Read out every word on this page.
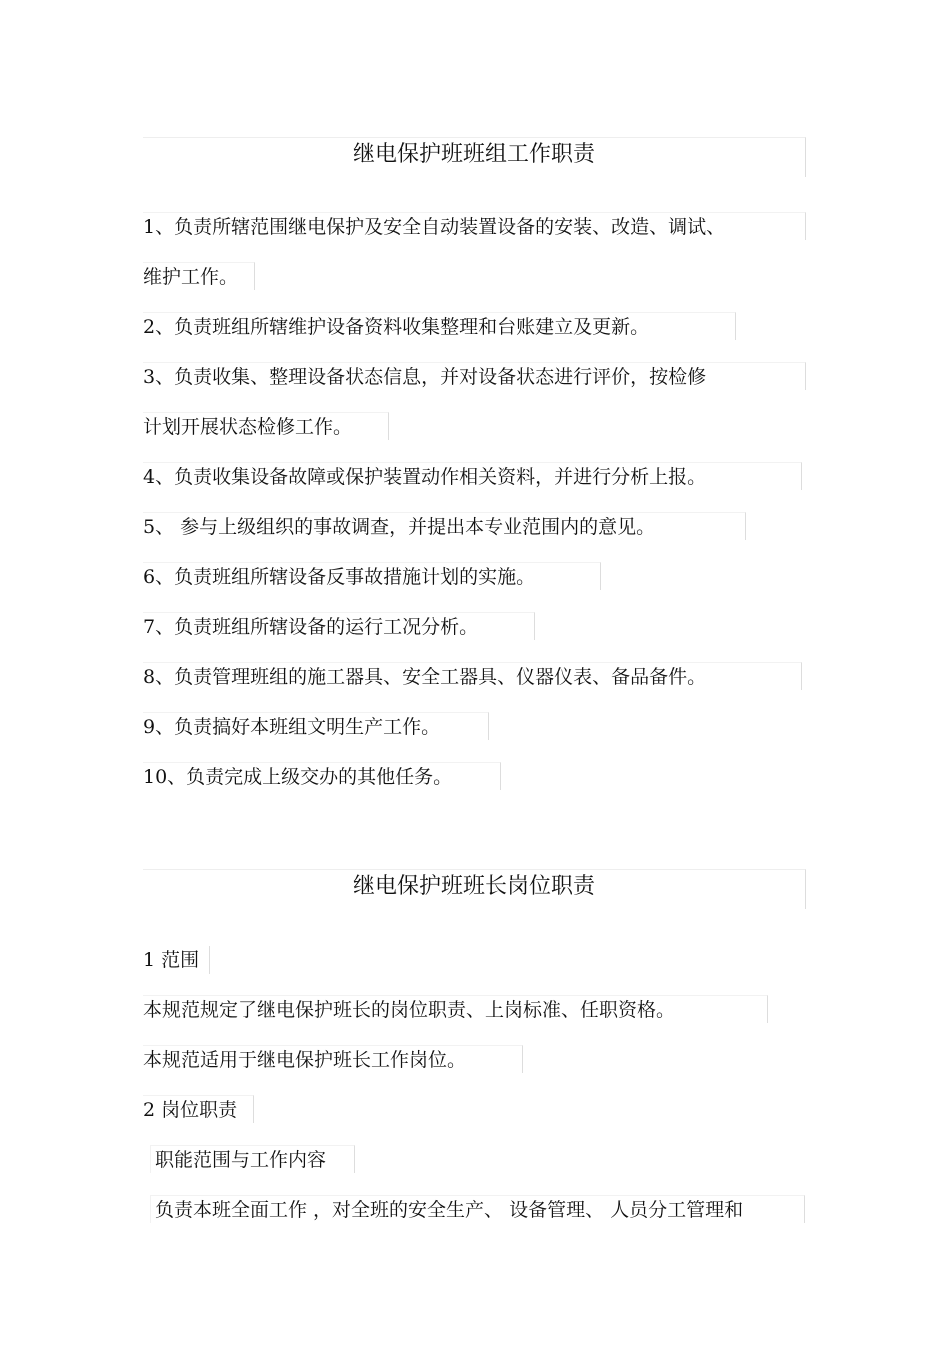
继电保护班班组工作职责
1、负责所辖范围继电保护及安全自动装置设备的安装、改造、调试、
维护工作。
2、负责班组所辖维护设备资料收集整理和台账建立及更新。
3、负责收集、整理设备状态信息，并对设备状态进行评价，按检修
计划开展状态检修工作。
4、负责收集设备故障或保护装置动作相关资料，并进行分析上报。
5、 参与上级组织的事故调查，并提出本专业范围内的意见。
6、负责班组所辖设备反事故措施计划的实施。
7、负责班组所辖设备的运行工况分析。
8、负责管理班组的施工器具、安全工器具、仪器仪表、备品备件。
9、负责搞好本班组文明生产工作。
10、负责完成上级交办的其他任务。
继电保护班班长岗位职责
1 范围
本规范规定了继电保护班长的岗位职责、上岗标准、任职资格。
本规范适用于继电保护班长工作岗位。
2 岗位职责
职能范围与工作内容
负责本班全面工作 ，对全班的安全生产、 设备管理、 人员分工管理和
